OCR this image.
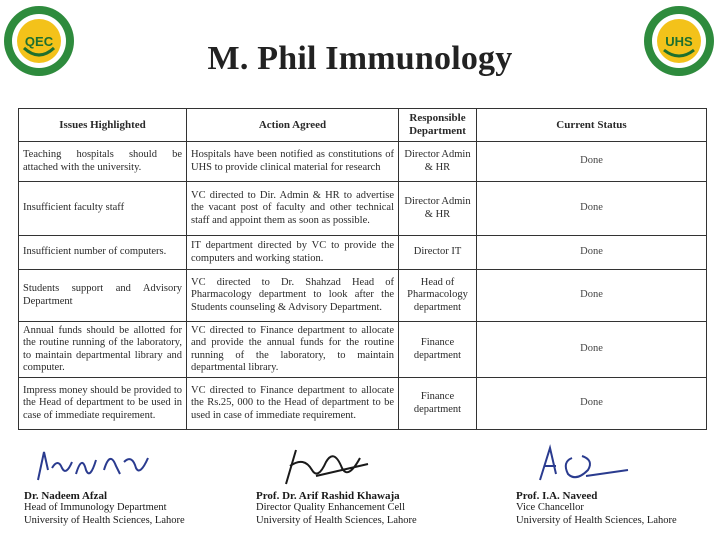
QEC	UHS
M. Phil Immunology
Issues Highlighted	Action Agreed	Responsible Department	Current Status
Teaching hospitals should be attached with the university.	Hospitals have been notified as constitutions of UHS to provide clinical material for research	Director Admin & HR	Done
Insufficient faculty staff	VC directed to Dir. Admin & HR to advertise the vacant post of faculty and other technical staff and appoint them as soon as possible.	Director Admin & HR	Done
Insufficient number of computers.	IT department directed by VC to provide the computers and working station.	Director IT	Done
Students support and Advisory Department	VC directed to Dr. Shahzad Head of Pharmacology department to look after the Students counseling & Advisory Department.	Head of Pharmacology department	Done
Annual funds should be allotted for the routine running of the laboratory, to maintain departmental library and computer.	VC directed to Finance department to allocate and provide the annual funds for the routine running of the laboratory, to maintain departmental library.	Finance department	Done
Impress money should be provided to the Head of department to be used in case of immediate requirement.	VC directed to Finance department to allocate the Rs.25, 000 to the Head of department to be used in case of immediate requirement.	Finance department	Done
Dr. Nadeem Afzal
Head of Immunology Department
University of Health Sciences, Lahore
Prof. Dr. Arif Rashid Khawaja
Director Quality Enhancement Cell
University of Health Sciences, Lahore
Prof. I.A. Naveed
Vice Chancellor
University of Health Sciences, Lahore
